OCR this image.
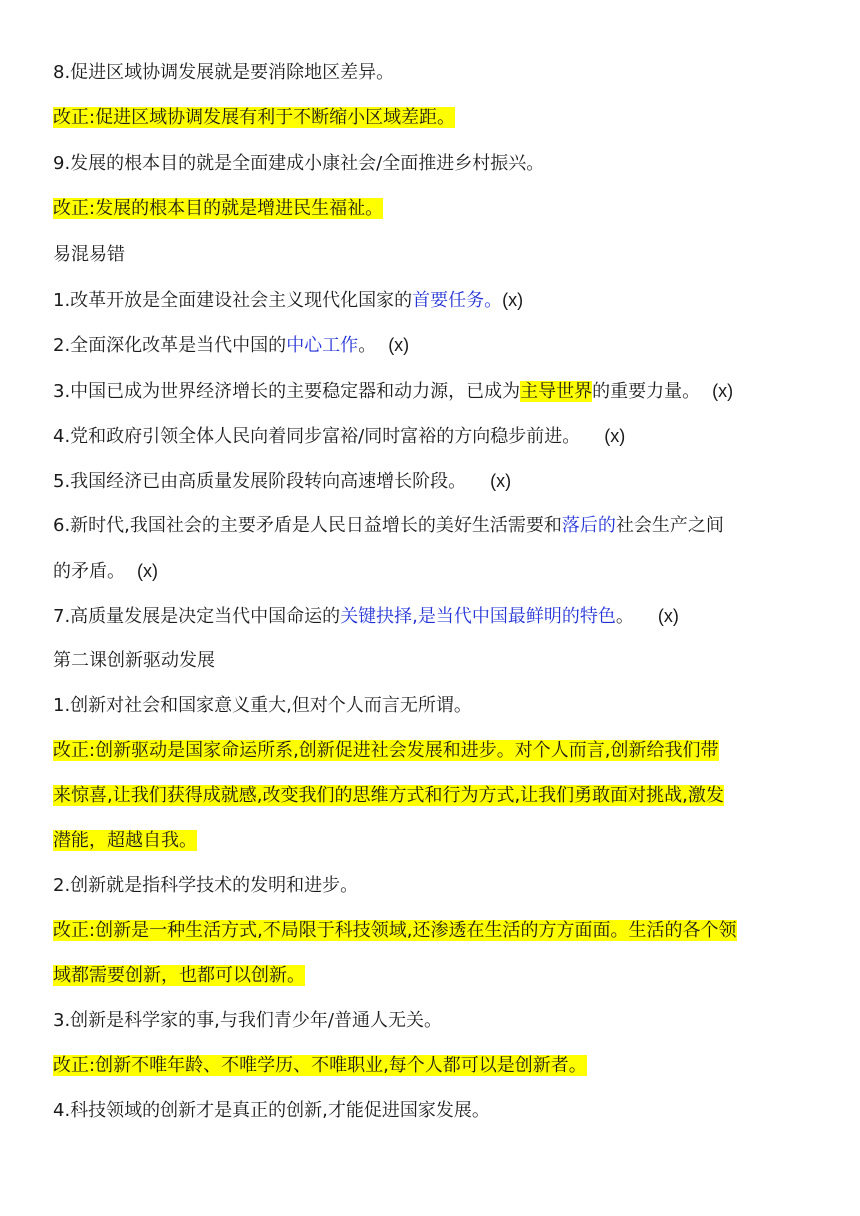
8.促进区域协调发展就是要消除地区差异。
改正:促进区域协调发展有利于不断缩小区域差距。
9.发展的根本目的就是全面建成小康社会/全面推进乡村振兴。
改正:发展的根本目的就是增进民生福祉。
易混易错
1.改革开放是全面建设社会主义现代化国家的首要任务。(x)
2.全面深化改革是当代中国的中心工作。 (x)
3.中国已成为世界经济增长的主要稳定器和动力源，已成为主导世界的重要力量。 (x)
4.党和政府引领全体人民向着同步富裕/同时富裕的方向稳步前进。 (x)
5.我国经济已由高质量发展阶段转向高速增长阶段。 (x)
6.新时代,我国社会的主要矛盾是人民日益增长的美好生活需要和落后的社会生产之间
的矛盾。 (x)
7.高质量发展是决定当代中国命运的关键抉择,是当代中国最鲜明的特色。 (x)
第二课创新驱动发展
1.创新对社会和国家意义重大,但对个人而言无所谓。
改正:创新驱动是国家命运所系,创新促进社会发展和进步。对个人而言,创新给我们带
来惊喜,让我们获得成就感,改变我们的思维方式和行为方式,让我们勇敢面对挑战,激发
潜能，超越自我。
2.创新就是指科学技术的发明和进步。
改正:创新是一种生活方式,不局限于科技领域,还渗透在生活的方方面面。生活的各个领
域都需要创新，也都可以创新。
3.创新是科学家的事,与我们青少年/普通人无关。
改正:创新不唯年龄、不唯学历、不唯职业,每个人都可以是创新者。
4.科技领域的创新才是真正的创新,才能促进国家发展。
